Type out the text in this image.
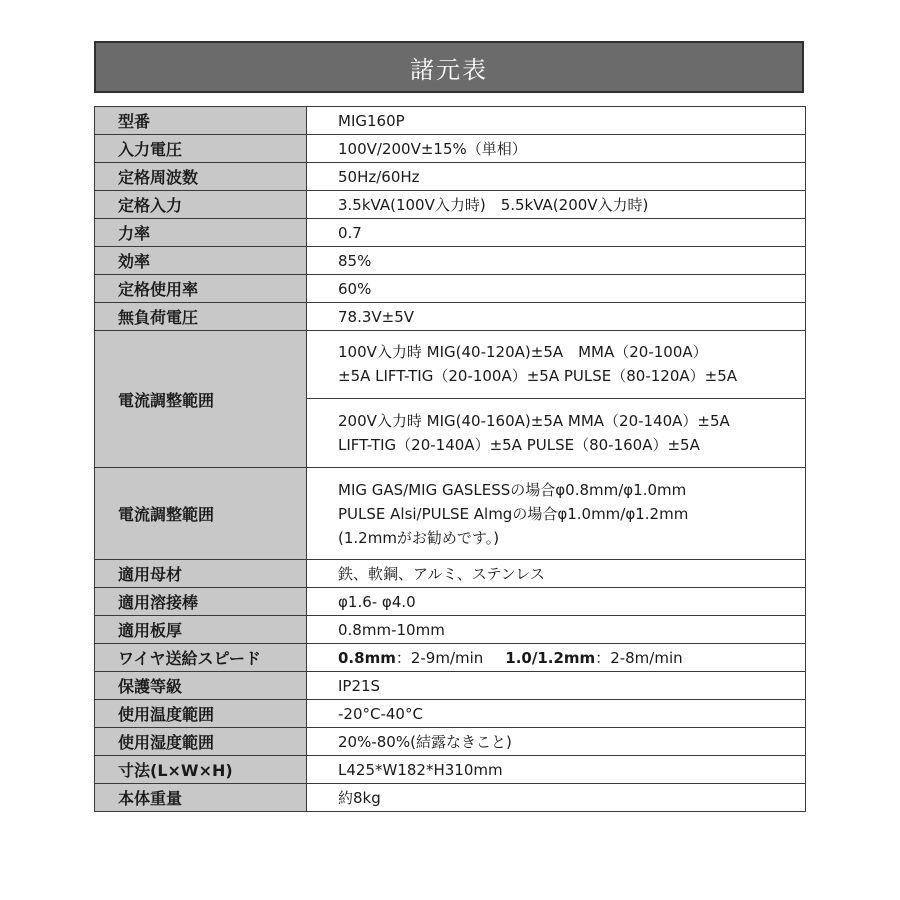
諸元表
型番	MIG160P
入力電圧	100V/200V±15%（単相）
定格周波数	50Hz/60Hz
定格入力	3.5kVA(100V入力時)　5.5kVA(200V入力時)
力率	0.7
効率	85%
定格使用率	60%
無負荷電圧	78.3V±5V
電流調整範囲	100V入力時 MIG(40-120A)±5A　MMA（20-100A）
±5A LIFT-TIG（20-100A）±5A PULSE（80-120A）±5A
200V入力時 MIG(40-160A)±5A MMA（20-140A）±5A
LIFT-TIG（20-140A）±5A PULSE（80-160A）±5A

電流調整範囲	MIG GAS/MIG GASLESSの場合φ0.8mm/φ1.0mm
PULSE Alsi/PULSE Almgの場合φ1.0mm/φ1.2mm
(1.2mmがお勧めです。)

適用母材	鉄、軟鋼、アルミ、ステンレス
適用溶接棒	φ1.6- φ4.0
適用板厚	0.8mm-10mm
ワイヤ送給スピード	0.8mm：2-9m/min 1.0/1.2mm：2-8m/min
保護等級	IP21S
使用温度範囲	-20°C-40°C
使用湿度範囲	20%-80%(結露なきこと)
寸法(L×W×H)	L425*W182*H310mm
本体重量	約8kg
